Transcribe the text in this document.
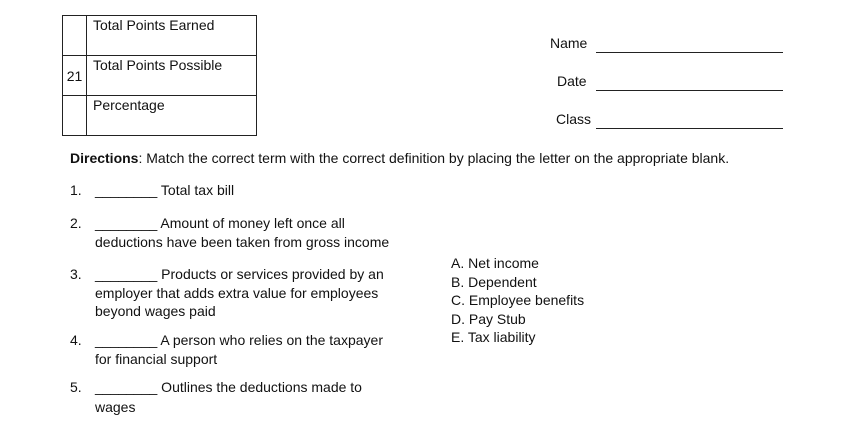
	Total Points Earned
21	Total Points Possible
	Percentage
Name
Date
Class
Directions: Match the correct term with the correct definition by placing the letter on the appropriate blank.
1. ________ Total tax bill
2. ________ Amount of money left once all
deductions have been taken from gross income
3. ________ Products or services provided by an
employer that adds extra value for employees
beyond wages paid
4. ________ A person who relies on the taxpayer
for financial support
5. ________ Outlines the deductions made to
wages
A. Net income
B. Dependent
C. Employee benefits
D. Pay Stub
E. Tax liability
